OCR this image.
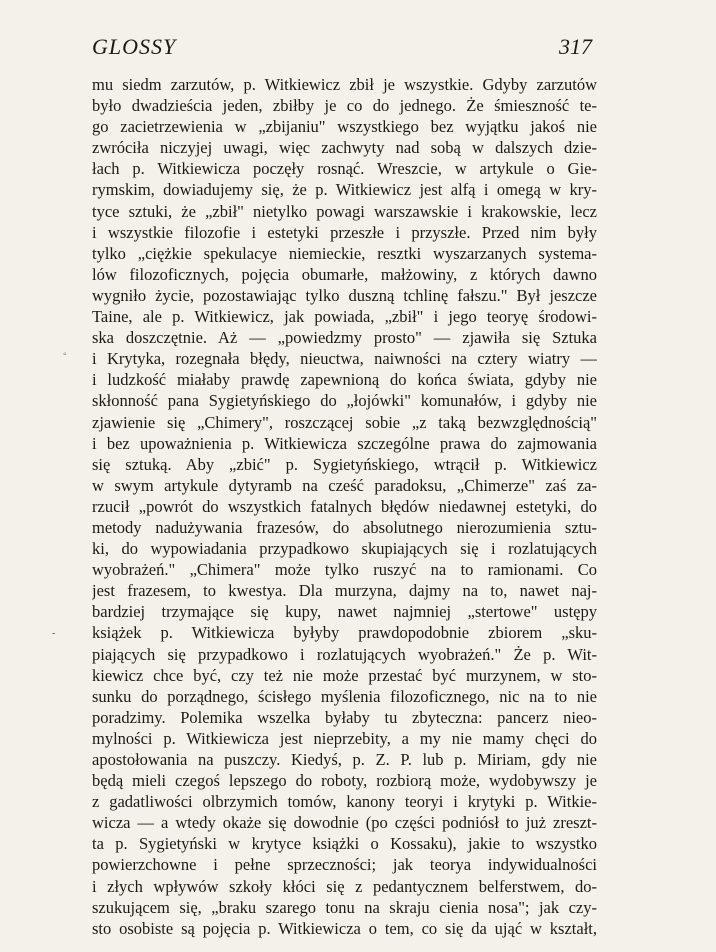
GLOSSY	317
◦
-
mu siedm zarzutów, p. Witkiewicz zbił je wszystkie. Gdyby zarzutów
było dwadzieścia jeden, zbiłby je co do jednego. Że śmieszność te-
go zacietrzewienia w „zbijaniu" wszystkiego bez wyjątku jakoś nie
zwróciła niczyjej uwagi, więc zachwyty nad sobą w dalszych dzie-
łach p. Witkiewicza poczęły rosnąć. Wreszcie, w artykule o Gie-
rymskim, dowiadujemy się, że p. Witkiewicz jest alfą i omegą w kry-
tyce sztuki, że „zbił" nietylko powagi warszawskie i krakowskie, lecz
i wszystkie filozofie i estetyki przeszłe i przyszłe. Przed nim były
tylko „ciężkie spekulacye niemieckie, resztki wyszarzanych systema-
lów filozoficznych, pojęcia obumarłe, małżowiny, z których dawno
wygniło życie, pozostawiając tylko duszną tchlinę fałszu." Był jeszcze
Taine, ale p. Witkiewicz, jak powiada, „zbił" i jego teoryę środowi-
ska doszczętnie. Aż — „powiedzmy prosto" — zjawiła się Sztuka
i Krytyka, rozegnała błędy, nieuctwa, naiwności na cztery wiatry —
i ludzkość miałaby prawdę zapewnioną do końca świata, gdyby nie
skłonność pana Sygietyńskiego do „łojówki" komunałów, i gdyby nie
zjawienie się „Chimery", roszczącej sobie „z taką bezwzględnością"
i bez upoważnienia p. Witkiewicza szczególne prawa do zajmowania
się sztuką. Aby „zbić" p. Sygietyńskiego, wtrącił p. Witkiewicz
w swym artykule dytyramb na cześć paradoksu, „Chimerze" zaś za-
rzucił „powrót do wszystkich fatalnych błędów niedawnej estetyki, do
metody nadużywania frazesów, do absolutnego nierozumienia sztu-
ki, do wypowiadania przypadkowo skupiających się i rozlatujących
wyobrażeń." „Chimera" może tylko ruszyć na to ramionami. Co
jest frazesem, to kwestya. Dla murzyna, dajmy na to, nawet naj-
bardziej trzymające się kupy, nawet najmniej „stertowe" ustępy
książek p. Witkiewicza byłyby prawdopodobnie zbiorem „sku-
piających się przypadkowo i rozlatujących wyobrażeń." Że p. Wit-
kiewicz chce być, czy też nie może przestać być murzynem, w sto-
sunku do porządnego, ścisłego myślenia filozoficznego, nic na to nie
poradzimy. Polemika wszelka byłaby tu zbyteczna: pancerz nieo-
mylności p. Witkiewicza jest nieprzebity, a my nie mamy chęci do
apostołowania na puszczy. Kiedyś, p. Z. P. lub p. Miriam, gdy nie
będą mieli czegoś lepszego do roboty, rozbiorą może, wydobywszy je
z gadatliwości olbrzymich tomów, kanony teoryi i krytyki p. Witkie-
wicza — a wtedy okaże się dowodnie (po części podniósł to już zreszt-
ta p. Sygietyński w krytyce książki o Kossaku), jakie to wszystko
powierzchowne i pełne sprzeczności; jak teorya indywidualności
i złych wpływów szkoły kłóci się z pedantycznem belferstwem, do-
szukującem się, „braku szarego tonu na skraju cienia nosa"; jak czy-
sto osobiste są pojęcia p. Witkiewicza o tem, co się da ująć w kształt,
